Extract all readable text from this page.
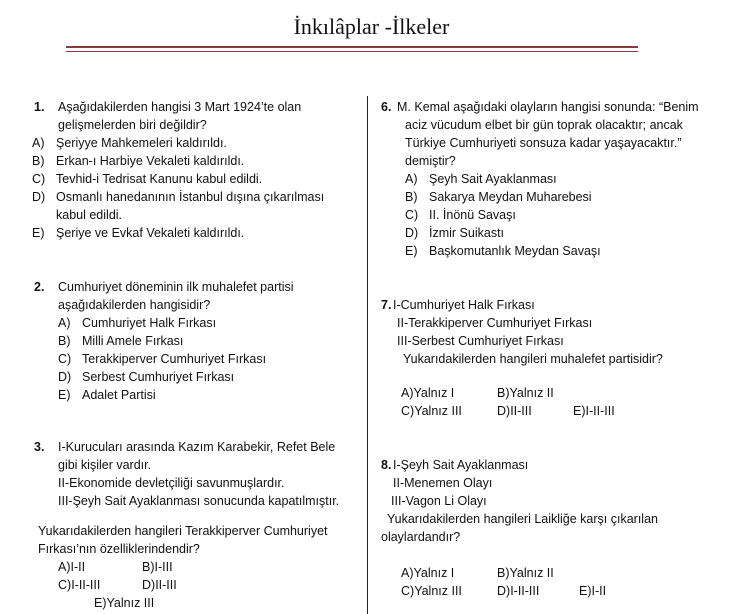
İnkılâplar -İlkeler
1. Aşağıdakilerden hangisi 3 Mart 1924’te olan
gelişmelerden biri değildir?
A) Şeriyye Mahkemeleri kaldırıldı.
B) Erkan-ı Harbiye Vekaleti kaldırıldı.
C) Tevhid-i Tedrisat Kanunu kabul edildi.
D) Osmanlı hanedanının İstanbul dışına çıkarılması
kabul edildi.
E) Şeriye ve Evkaf Vekaleti kaldırıldı.
2. Cumhuriyet döneminin ilk muhalefet partisi
aşağıdakilerden hangisidir?
A) Cumhuriyet Halk Fırkası
B) Milli Amele Fırkası
C) Terakkiperver Cumhuriyet Fırkası
D) Serbest Cumhuriyet Fırkası
E) Adalet Partisi
3. I-Kurucuları arasında Kazım Karabekir, Refet Bele
gibi kişiler vardır.
II-Ekonomide devletçiliği savunmuşlardır.
III-Şeyh Sait Ayaklanması sonucunda kapatılmıştır.
Yukarıdakilerden hangileri Terakkiperver Cumhuriyet
Fırkası’nın özelliklerindendir?
A)I-II	B)I-III
C)I-II-III	D)II-III
E)Yalnız III
6. M. Kemal aşağıdaki olayların hangisi sonunda: “Benim
aciz vücudum elbet bir gün toprak olacaktır; ancak
Türkiye Cumhuriyeti sonsuza kadar yaşayacaktır.”
demiştir?
A) Şeyh Sait Ayaklanması
B) Sakarya Meydan Muharebesi
C) II. İnönü Savaşı
D) İzmir Suikastı
E) Başkomutanlık Meydan Savaşı
7. I-Cumhuriyet Halk Fırkası
II-Terakkiperver Cumhuriyet Fırkası
III-Serbest Cumhuriyet Fırkası
Yukarıdakilerden hangileri muhalefet partisidir?
A)Yalnız I	B)Yalnız II
C)Yalnız III	D)II-III	E)I-II-III
8. I-Şeyh Sait Ayaklanması
II-Menemen Olayı
III-Vagon Li Olayı
Yukarıdakilerden hangileri Laikliğe karşı çıkarılan
olaylardandır?
A)Yalnız I	B)Yalnız II
C)Yalnız III	D)I-II-III	E)I-II
